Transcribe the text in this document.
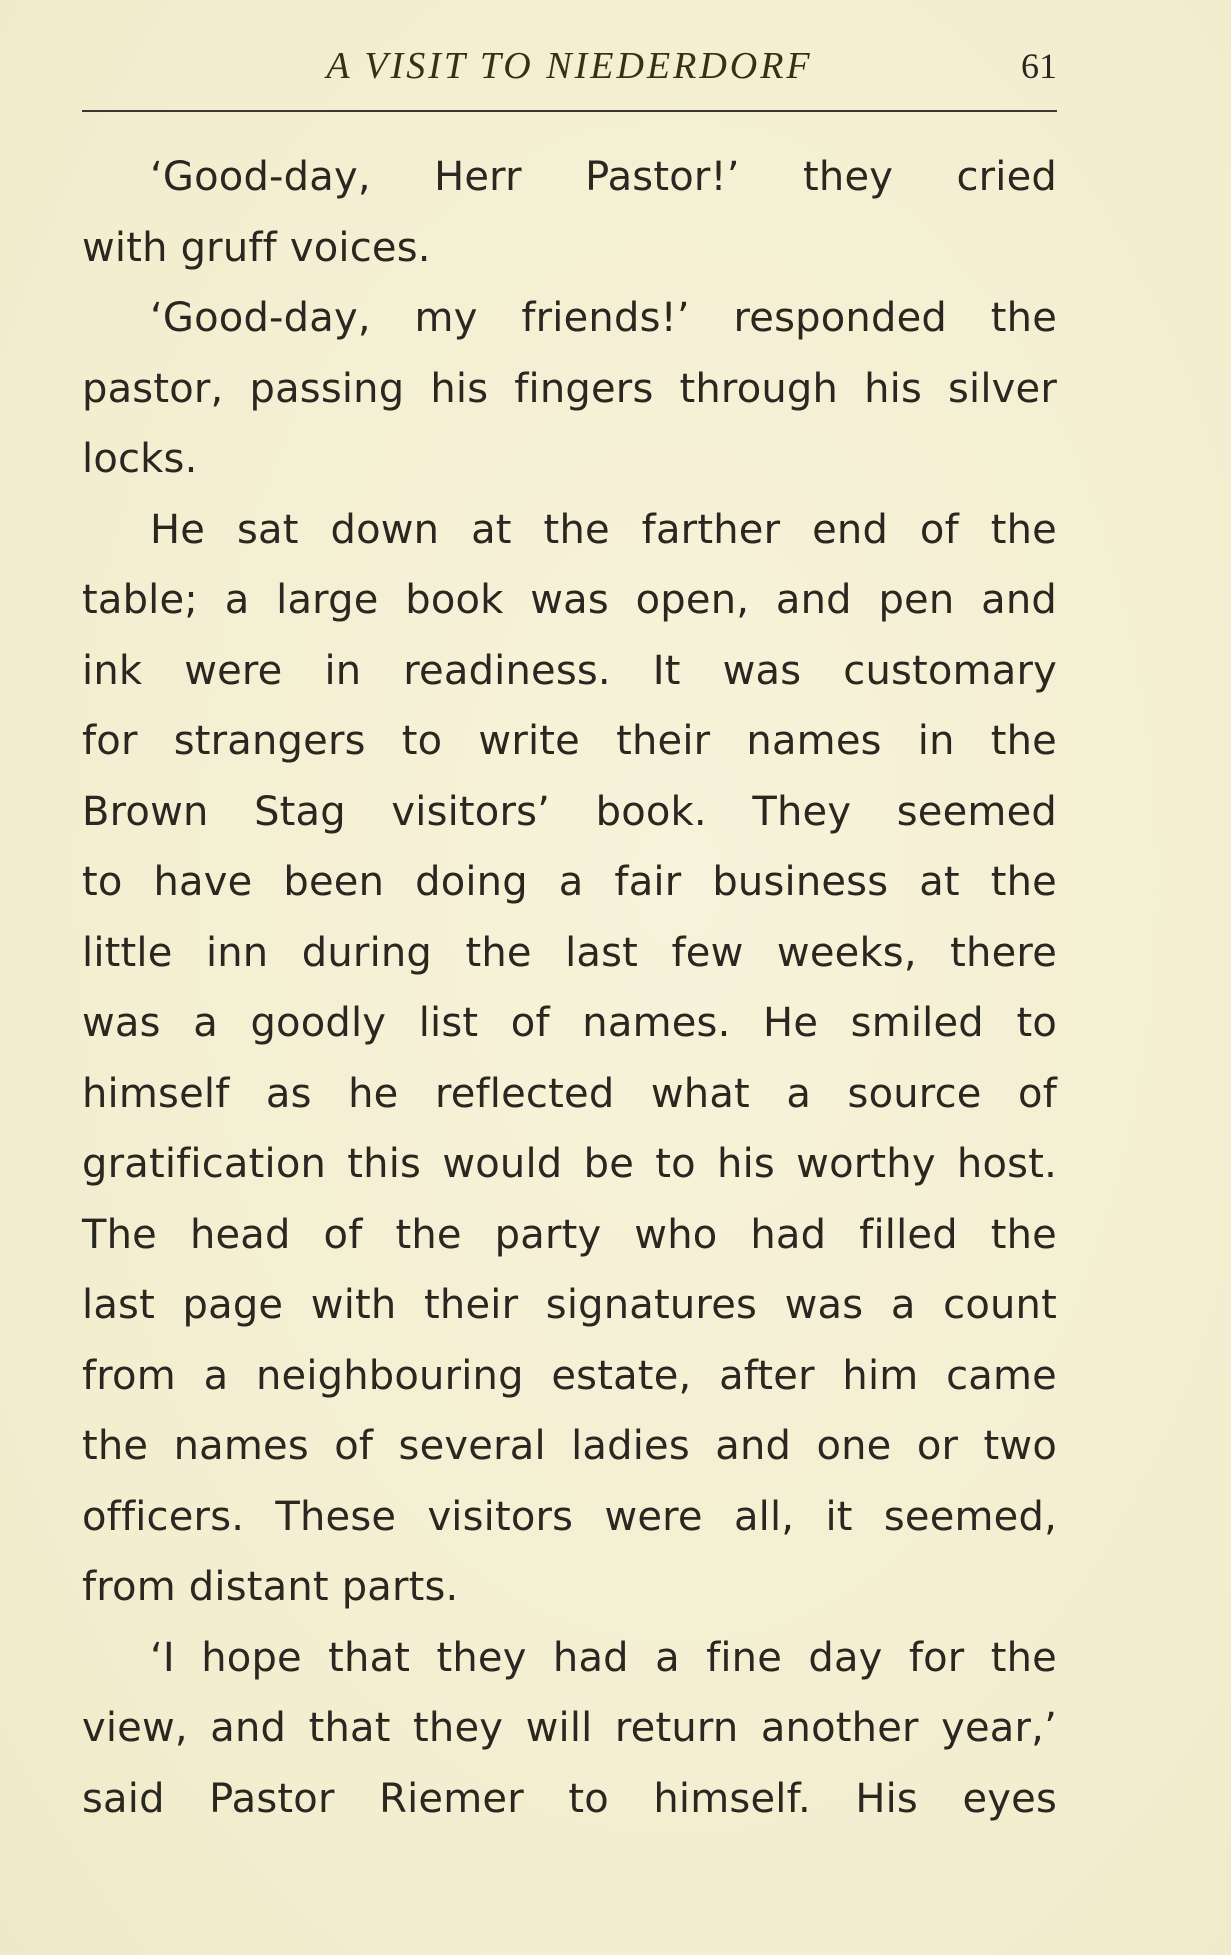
A VISIT TO NIEDERDORF	61
‘Good-day, Herr Pastor!’ they cried
with gruff voices.
‘Good-day, my friends!’ responded the
pastor, passing his fingers through his silver
locks.
He sat down at the farther end of the
table; a large book was open, and pen and
ink were in readiness. It was customary
for strangers to write their names in the
Brown Stag visitors’ book. They seemed
to have been doing a fair business at the
little inn during the last few weeks, there
was a goodly list of names. He smiled to
himself as he reflected what a source of
gratification this would be to his worthy host.
The head of the party who had filled the
last page with their signatures was a count
from a neighbouring estate, after him came
the names of several ladies and one or two
officers. These visitors were all, it seemed,
from distant parts.
‘I hope that they had a fine day for the
view, and that they will return another year,’
said Pastor Riemer to himself. His eyes
